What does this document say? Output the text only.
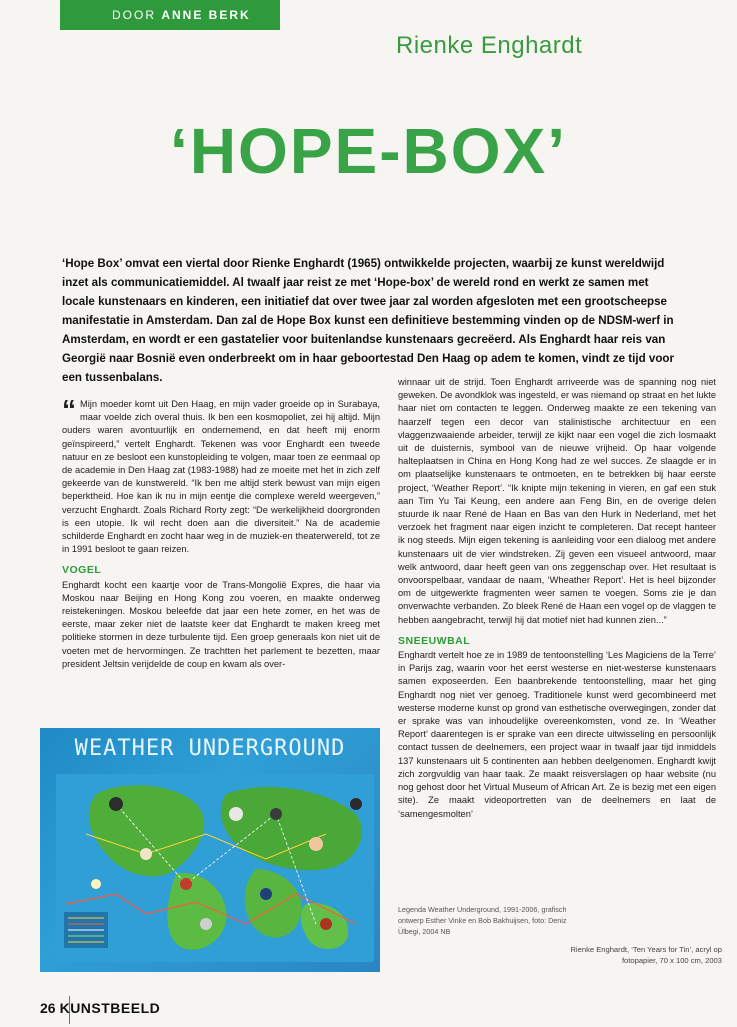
DOOR ANNE BERK
Rienke Enghardt
‘HOPE-BOX’
‘Hope Box’ omvat een viertal door Rienke Enghardt (1965) ontwikkelde projecten, waarbij ze kunst wereldwijd inzet als communicatiemiddel. Al twaalf jaar reist ze met ‘Hope-box’ de wereld rond en werkt ze samen met locale kunstenaars en kinderen, een initiatief dat over twee jaar zal worden afgesloten met een grootscheepse manifestatie in Amsterdam. Dan zal de Hope Box kunst een definitieve bestemming vinden op de NDSM-werf in Amsterdam, en wordt er een gastatelier voor buitenlandse kunstenaars gecreëerd. Als Enghardt haar reis van Georgië naar Bosnië even onderbreekt om in haar geboortestad Den Haag op adem te komen, vindt ze tijd voor een tussenbalans.

“ Mijn moeder komt uit Den Haag, en mijn vader groeide op in Surabaya, maar voelde zich overal thuis. Ik ben een kosmopoliet, zei hij altijd. Mijn ouders waren avontuurlijk en ondernemend, en dat heeft mij enorm geïnspireerd,” vertelt Enghardt. Tekenen was voor Enghardt een tweede natuur en ze besloot een kunstopleiding te volgen, maar toen ze eenmaal op de academie in Den Haag zat (1983-1988) had ze moeite met het in zich zelf gekeerde van de kunstwereld. “Ik ben me altijd sterk bewust van mijn eigen beperktheid. Hoe kan ik nu in mijn eentje die complexe wereld weergeven,” verzucht Enghardt. Zoals Richard Rorty zegt: “De werkelijkheid doorgronden is een utopie. Ik wil recht doen aan die diversiteit.” Na de academie schilderde Enghardt en zocht haar weg in de muziek-en theaterwereld, tot ze in 1991 besloot te gaan reizen.

VOGEL

Enghardt kocht een kaartje voor de Trans-Mongolië Expres, die haar via Moskou naar Beijing en Hong Kong zou voeren, en maakte onderweg reistekeningen. Moskou beleefde dat jaar een hete zomer, en het was de eerste, maar zeker niet de laatste keer dat Enghardt te maken kreeg met politieke stormen in deze turbulente tijd. Een groep generaals kon niet uit de voeten met de hervormingen. Ze trachtten het parlement te bezetten, maar president Jeltsin verijdelde de coup en kwam als over-

winnaar uit de strijd. Toen Enghardt arriveerde was de spanning nog niet geweken. De avondklok was ingesteld, er was niemand op straat en het lukte haar niet om contacten te leggen. Onderweg maakte ze een tekening van haarzelf tegen een decor van stalinistische architectuur en een vlaggenzwaaiende arbeider, terwijl ze kijkt naar een vogel die zich losmaakt uit de duisternis, symbool van de nieuwe vrijheid. Op haar volgende halteplaatsen in China en Hong Kong had ze wel succes. Ze slaagde er in om plaatselijke kunstenaars te ontmoeten, en te betrekken bij haar eerste project, ‘Weather Report’. “Ik knipte mijn tekening in vieren, en gaf een stuk aan Tim Yu Tai Keung, een andere aan Feng Bin, en de overige delen stuurde ik naar René de Haan en Bas van den Hurk in Nederland, met het verzoek het fragment naar eigen inzicht te completeren. Dat recept hanteer ik nog steeds. Mijn eigen tekening is aanleiding voor een dialoog met andere kunstenaars uit de vier windstreken. Zij geven een visueel antwoord, maar welk antwoord, daar heeft geen van ons zeggenschap over. Het resultaat is onvoorspelbaar, vandaar de naam, ‘Wheather Report’. Het is heel bijzonder om de uitgewerkte fragmenten weer samen te voegen. Soms zie je dan onverwachte verbanden. Zo bleek René de Haan een vogel op de vlaggen te hebben aangebracht, terwijl hij dat motief niet had kunnen zien...”

SNEEUWBAL

Enghardt vertelt hoe ze in 1989 de tentoonstelling ‘Les Magiciens de la Terre’ in Parijs zag, waarin voor het eerst westerse en niet-westerse kunstenaars samen exposeerden. Een baanbrekende tentoonstelling, maar het ging Enghardt nog niet ver genoeg. Traditionele kunst werd gecombineerd met westerse moderne kunst op grond van esthetische overwegingen, zonder dat er sprake was van inhoudelijke overeenkomsten, vond ze. In ‘Weather Report’ daarentegen is er sprake van een directe uitwisseling en persoonlijk contact tussen de deelnemers, een project waar in twaalf jaar tijd inmiddels 137 kunstenaars uit 5 continenten aan hebben deelgenomen. Enghardt kwijt zich zorgvuldig van haar taak. Ze maakt reisverslagen op haar website (nu nog gehost door het Virtual Museum of African Art. Ze is bezig met een eigen site). Ze maakt videoportretten van de deelnemers en laat de ‘samengesmolten’

WEATHER UNDERGROUND
Legenda Weather Underground, 1991-2006, grafisch ontwerp Esther Vinke en Bob Bakhuijsen, foto: Deniz Ülbegi, 2004 NB
Rienke Enghardt, ‘Ten Years for Tin’, acryl op fotopapier, 70 x 100 cm, 2003
26 KUNSTBEELD
